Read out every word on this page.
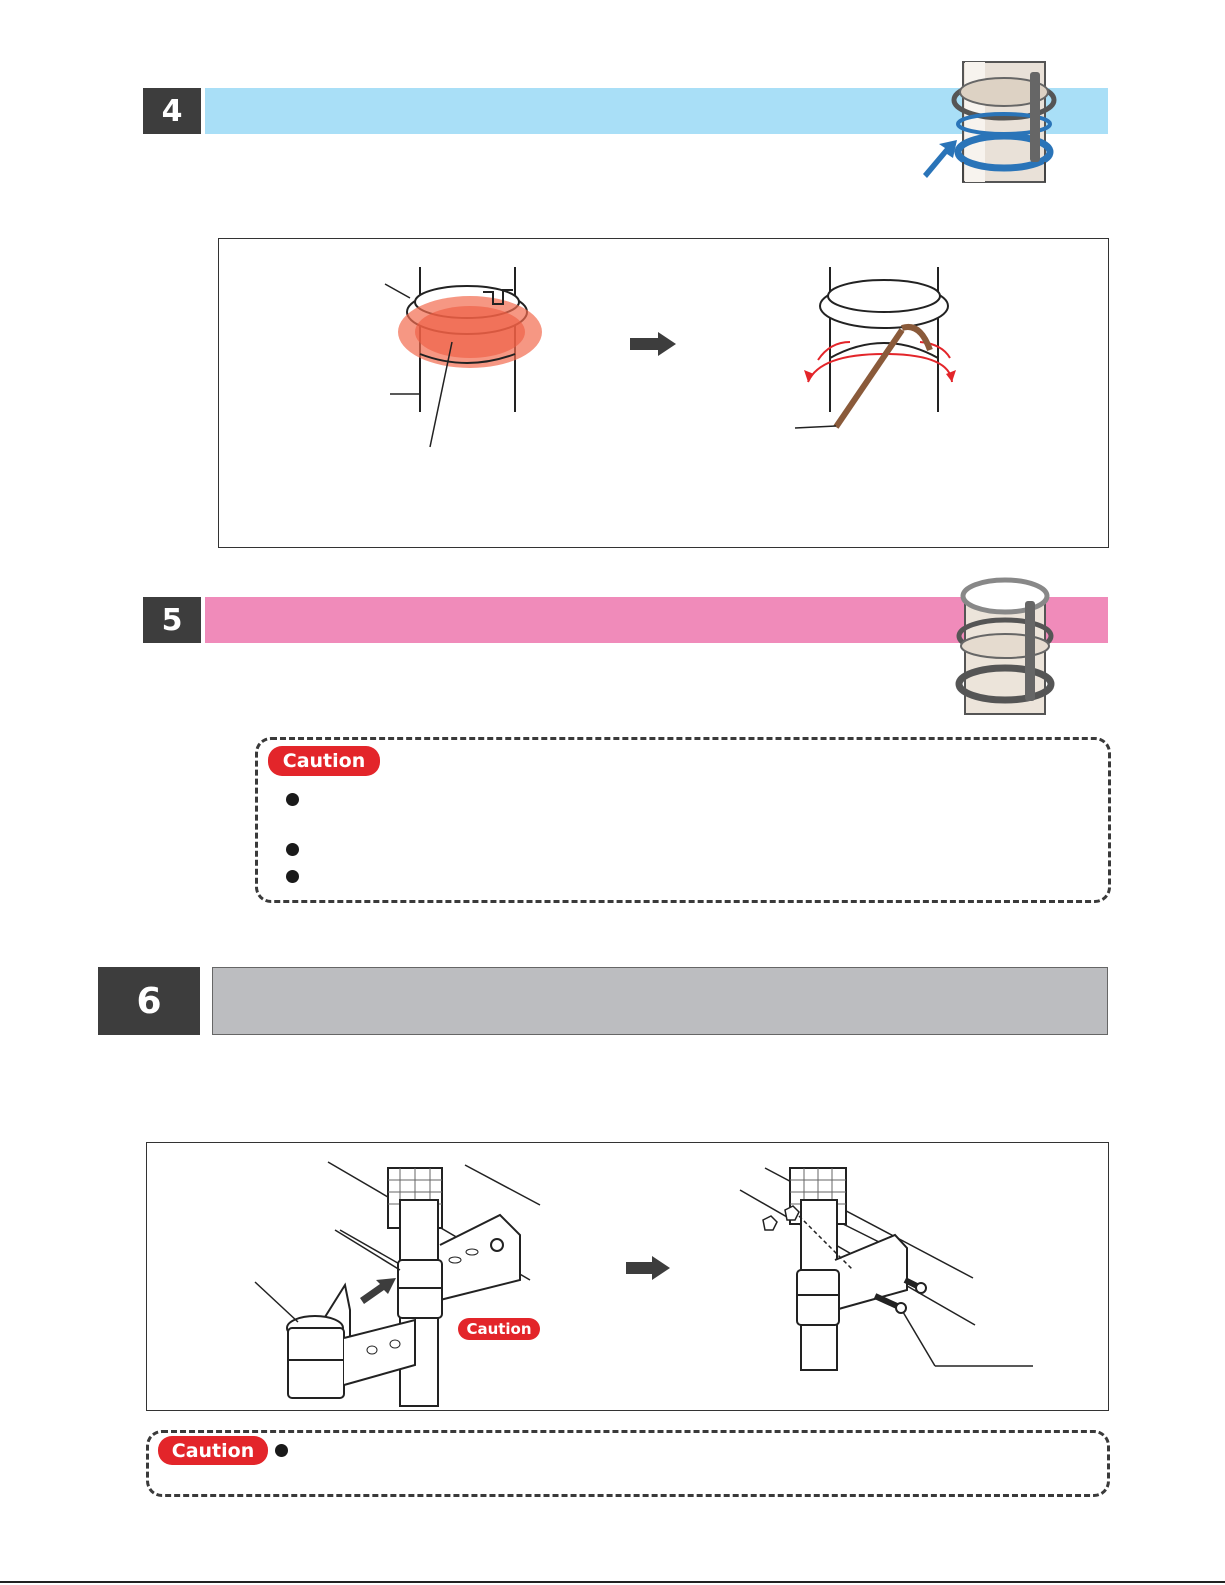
4
5
Caution
6
Caution
Caution
